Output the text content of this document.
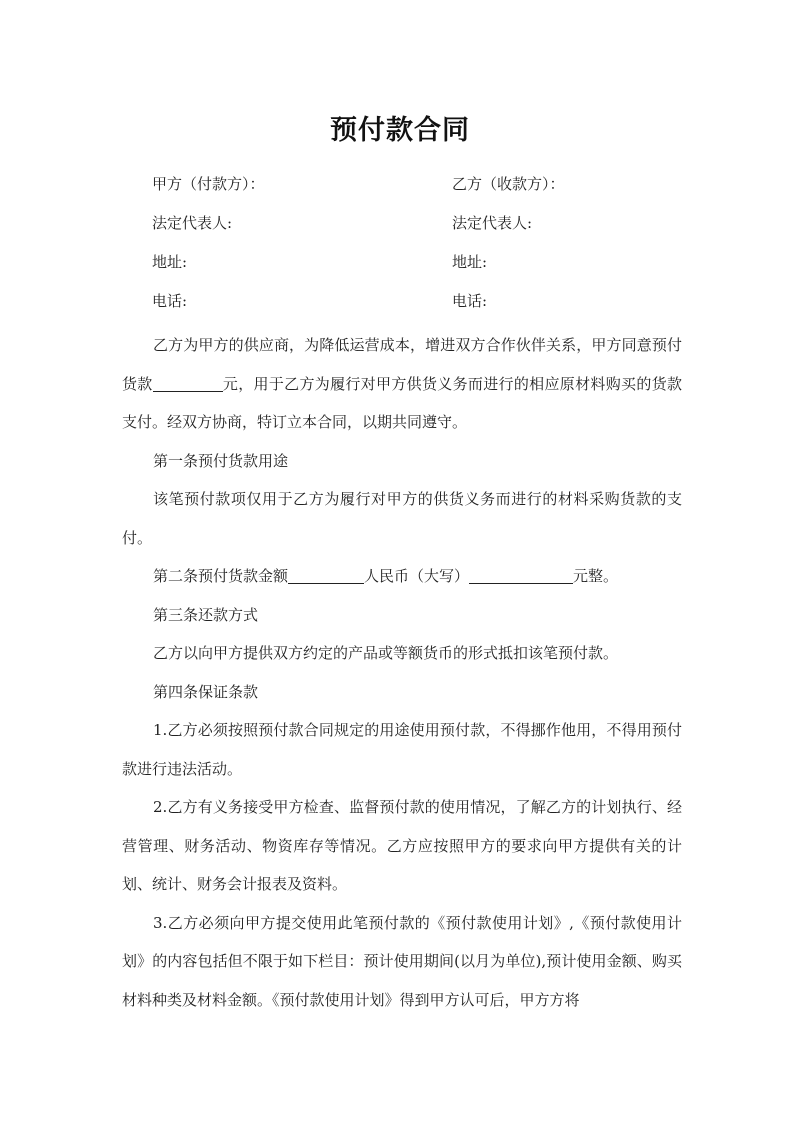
预付款合同
甲方（付款方）：	乙方（收款方）：
法定代表人:	法定代表人:
地址:	地址:
电话:	电话:

乙方为甲方的供应商，为降低运营成本，增进双方合作伙伴关系，甲方同意预付货款	元，用于乙方为履行对甲方供货义务而进行的相应原材料购买的货款支付。经双方协商，特订立本合同，以期共同遵守。

第一条预付货款用途

该笔预付款项仅用于乙方为履行对甲方的供货义务而进行的材料采购货款的支付。

第二条预付货款金额	人民币（大写）	元整。

第三条还款方式

乙方以向甲方提供双方约定的产品或等额货币的形式抵扣该笔预付款。

第四条保证条款

1.乙方必须按照预付款合同规定的用途使用预付款，不得挪作他用，不得用预付款进行违法活动。

2.乙方有义务接受甲方检查、监督预付款的使用情况，了解乙方的计划执行、经营管理、财务活动、物资库存等情况。乙方应按照甲方的要求向甲方提供有关的计划、统计、财务会计报表及资料。

3.乙方必须向甲方提交使用此笔预付款的《预付款使用计划》,《预付款使用计划》的内容包括但不限于如下栏目：预计使用期间(以月为单位),预计使用金额、购买材料种类及材料金额。《预付款使用计划》得到甲方认可后，甲方方将
